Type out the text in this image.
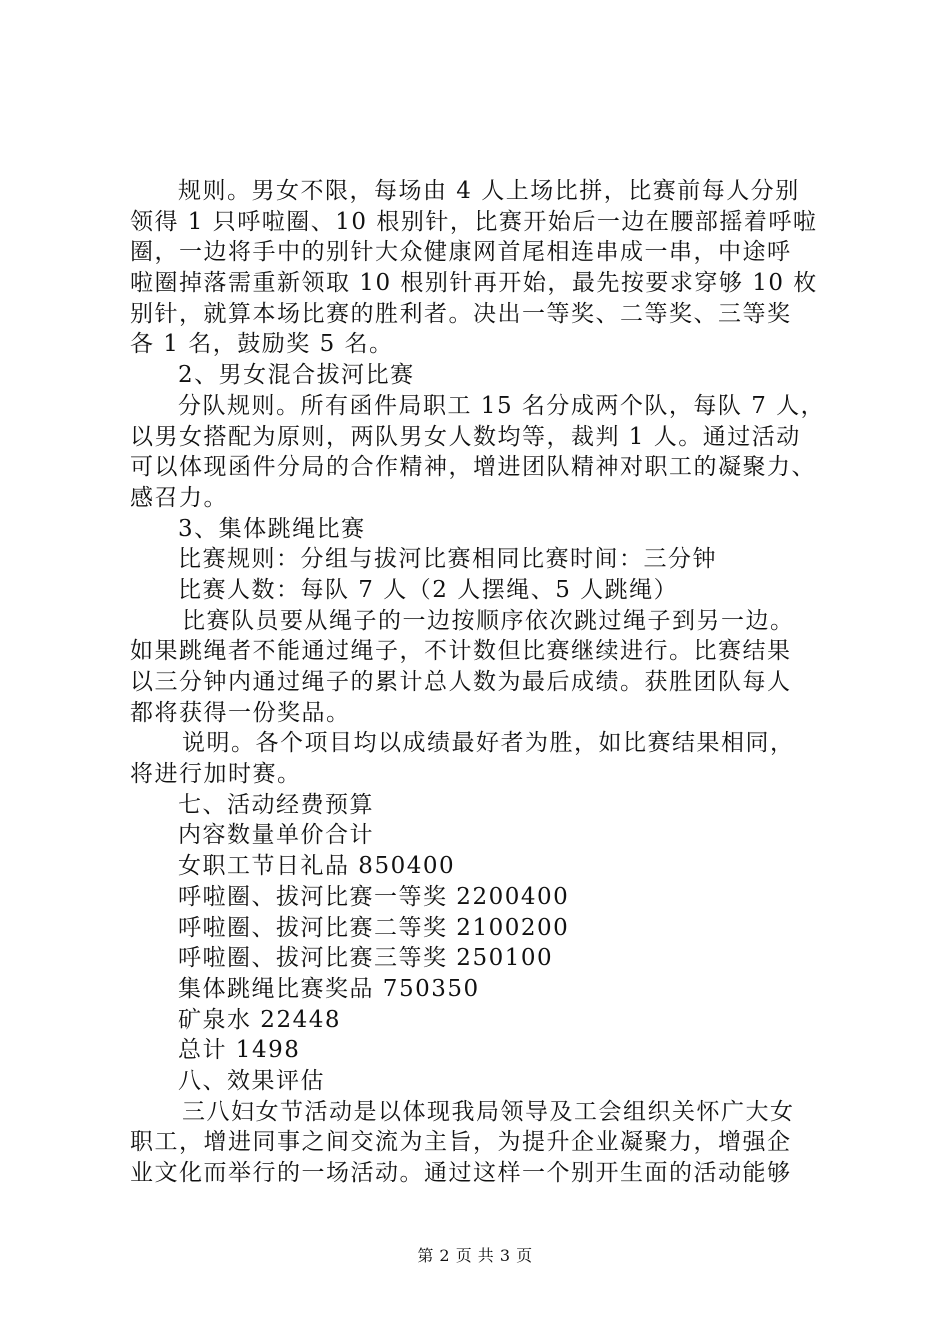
规则。男女不限，每场由 4 人上场比拼，比赛前每人分别
领得 1 只呼啦圈、10 根别针，比赛开始后一边在腰部摇着呼啦
圈，一边将手中的别针大众健康网首尾相连串成一串，中途呼
啦圈掉落需重新领取 10 根别针再开始，最先按要求穿够 10 枚
别针，就算本场比赛的胜利者。决出一等奖、二等奖、三等奖
各 1 名，鼓励奖 5 名。
2、男女混合拔河比赛
分队规则。所有函件局职工 15 名分成两个队，每队 7 人，
以男女搭配为原则，两队男女人数均等，裁判 1 人。通过活动
可以体现函件分局的合作精神，增进团队精神对职工的凝聚力、
感召力。
3、集体跳绳比赛
比赛规则：分组与拔河比赛相同比赛时间：三分钟
比赛人数：每队 7 人（2 人摆绳、5 人跳绳）
比赛队员要从绳子的一边按顺序依次跳过绳子到另一边。
如果跳绳者不能通过绳子，不计数但比赛继续进行。比赛结果
以三分钟内通过绳子的累计总人数为最后成绩。获胜团队每人
都将获得一份奖品。
说明。各个项目均以成绩最好者为胜，如比赛结果相同，
将进行加时赛。
七、活动经费预算
内容数量单价合计
女职工节日礼品 850400
呼啦圈、拔河比赛一等奖 2200400
呼啦圈、拔河比赛二等奖 2100200
呼啦圈、拔河比赛三等奖 250100
集体跳绳比赛奖品 750350
矿泉水 22448
总计 1498
八、效果评估
三八妇女节活动是以体现我局领导及工会组织关怀广大女
职工，增进同事之间交流为主旨，为提升企业凝聚力，增强企
业文化而举行的一场活动。通过这样一个别开生面的活动能够
第 2 页 共 3 页
